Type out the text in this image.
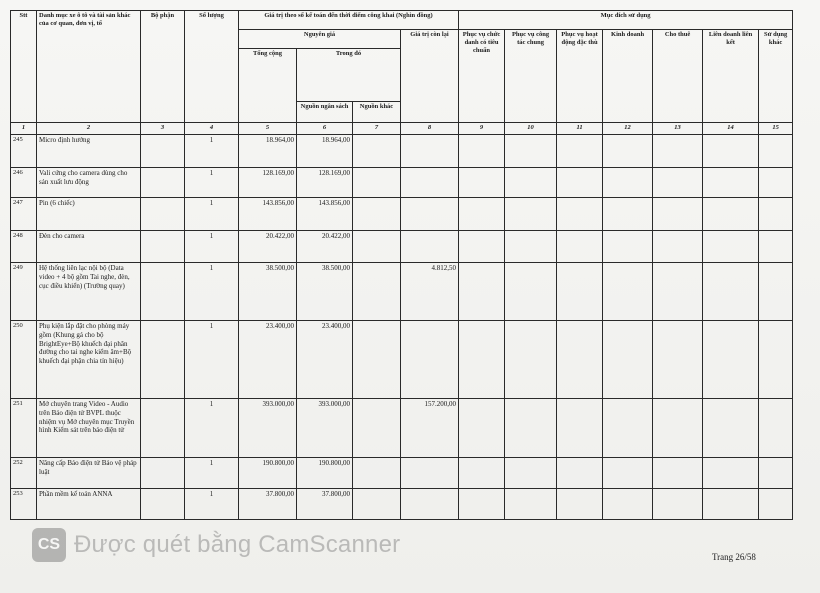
Stt	Danh mục xe ô tô và tài sản khác của cơ quan, đơn vị, tổ	Bộ phận	Số lượng	Giá trị theo số kế toán đến thời điểm công khai (Nghìn đồng)				Mục đích sử dụng						
				Nguyên giá			Giá trị còn lại	Phục vụ chức danh có tiêu chuẩn	Phục vụ công tác chung	Phục vụ hoạt động đặc thù	Kinh doanh	Cho thuê	Liên doanh liên kết	Sử dụng khác
				Tổng cộng	Trong đó									
					Nguồn ngân sách	Nguồn khác								
1	2	3	4	5	6	7	8	9	10	11	12	13	14	15
245	Micro định hướng		1	18.964,00	18.964,00									
246	Vali cứng cho camera dùng cho sản xuất lưu động		1	128.169,00	128.169,00									
247	Pin (6 chiếc)		1	143.856,00	143.856,00									
248	Đèn cho camera		1	20.422,00	20.422,00									
249	Hệ thống liên lạc nội bộ (Data video + 4 bộ gồm Tai nghe, đèn, cục điều khiển) (Trường quay)		1	38.500,00	38.500,00		4.812,50							
250	Phụ kiện lắp đặt cho phòng máy gồm (Khung gá cho bộ BrightEye+Bộ khuếch đại phân đường cho tai nghe kiểm âm+Bộ khuếch đại phận chia tín hiệu)		1	23.400,00	23.400,00									
251	Mở chuyên trang Video - Audio trên Báo điện tử BVPL thuộc nhiệm vụ Mở chuyên mục Truyền hình Kiểm sát trên báo điện tử		1	393.000,00	393.000,00		157.200,00							
252	Nâng cấp Báo điện tử Bảo vệ pháp luật		1	190.800,00	190.800,00									
253	Phần mềm kế toán ANNA		1	37.800,00	37.800,00									
CS Được quét bằng CamScanner	Trang 26/58
